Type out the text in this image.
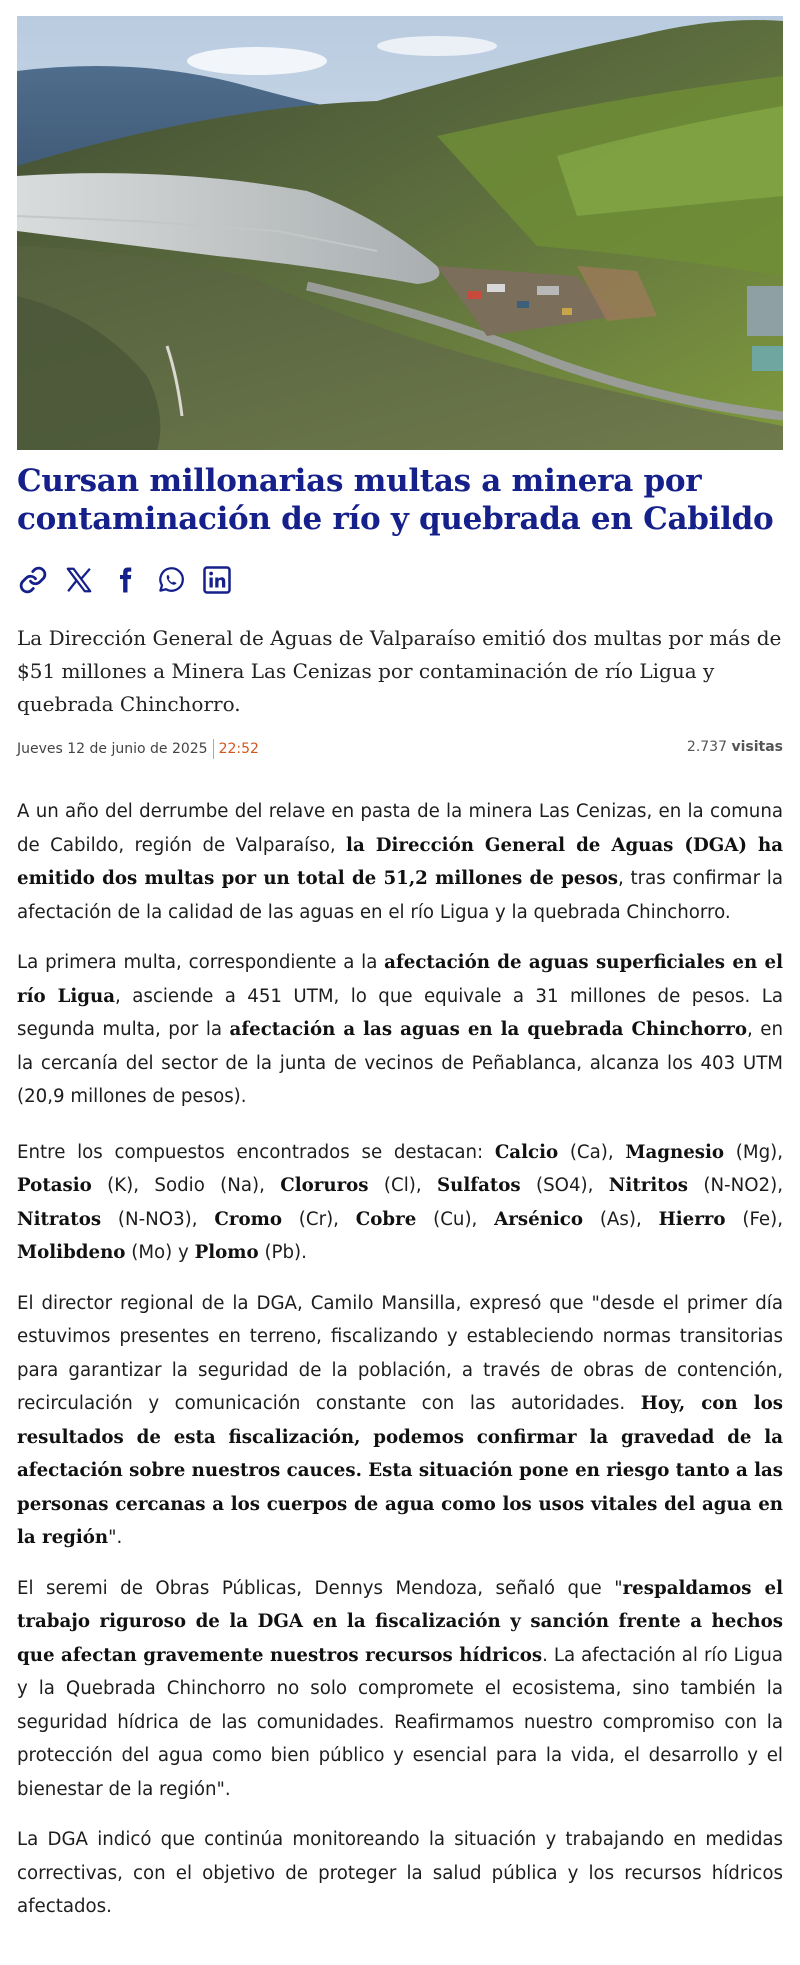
Cursan millonarias multas a minera por contaminación de río y quebrada en Cabildo

La Dirección General de Aguas de Valparaíso emitió dos multas por más de $51 millones a Minera Las Cenizas por contaminación de río Ligua y quebrada Chinchorro.

Jueves 12 de junio de 2025 22:52	2.737 visitas

A un año del derrumbe del relave en pasta de la minera Las Cenizas, en la comuna de Cabildo, región de Valparaíso, la Dirección General de Aguas (DGA) ha emitido dos multas por un total de 51,2 millones de pesos, tras confirmar la afectación de la calidad de las aguas en el río Ligua y la quebrada Chinchorro.

La primera multa, correspondiente a la afectación de aguas superficiales en el río Ligua, asciende a 451 UTM, lo que equivale a 31 millones de pesos. La segunda multa, por la afectación a las aguas en la quebrada Chinchorro, en la cercanía del sector de la junta de vecinos de Peñablanca, alcanza los 403 UTM (20,9 millones de pesos).

Entre los compuestos encontrados se destacan: Calcio (Ca), Magnesio (Mg), Potasio (K), Sodio (Na), Cloruros (Cl), Sulfatos (SO4), Nitritos (N-NO2), Nitratos (N-NO3), Cromo (Cr), Cobre (Cu), Arsénico (As), Hierro (Fe), Molibdeno (Mo) y Plomo (Pb).

El director regional de la DGA, Camilo Mansilla, expresó que "desde el primer día estuvimos presentes en terreno, fiscalizando y estableciendo normas transitorias para garantizar la seguridad de la población, a través de obras de contención, recirculación y comunicación constante con las autoridades. Hoy, con los resultados de esta fiscalización, podemos confirmar la gravedad de la afectación sobre nuestros cauces. Esta situación pone en riesgo tanto a las personas cercanas a los cuerpos de agua como los usos vitales del agua en la región".

El seremi de Obras Públicas, Dennys Mendoza, señaló que "respaldamos el trabajo riguroso de la DGA en la fiscalización y sanción frente a hechos que afectan gravemente nuestros recursos hídricos. La afectación al río Ligua y la Quebrada Chinchorro no solo compromete el ecosistema, sino también la seguridad hídrica de las comunidades. Reafirmamos nuestro compromiso con la protección del agua como bien público y esencial para la vida, el desarrollo y el bienestar de la región".

La DGA indicó que continúa monitoreando la situación y trabajando en medidas correctivas, con el objetivo de proteger la salud pública y los recursos hídricos afectados.
